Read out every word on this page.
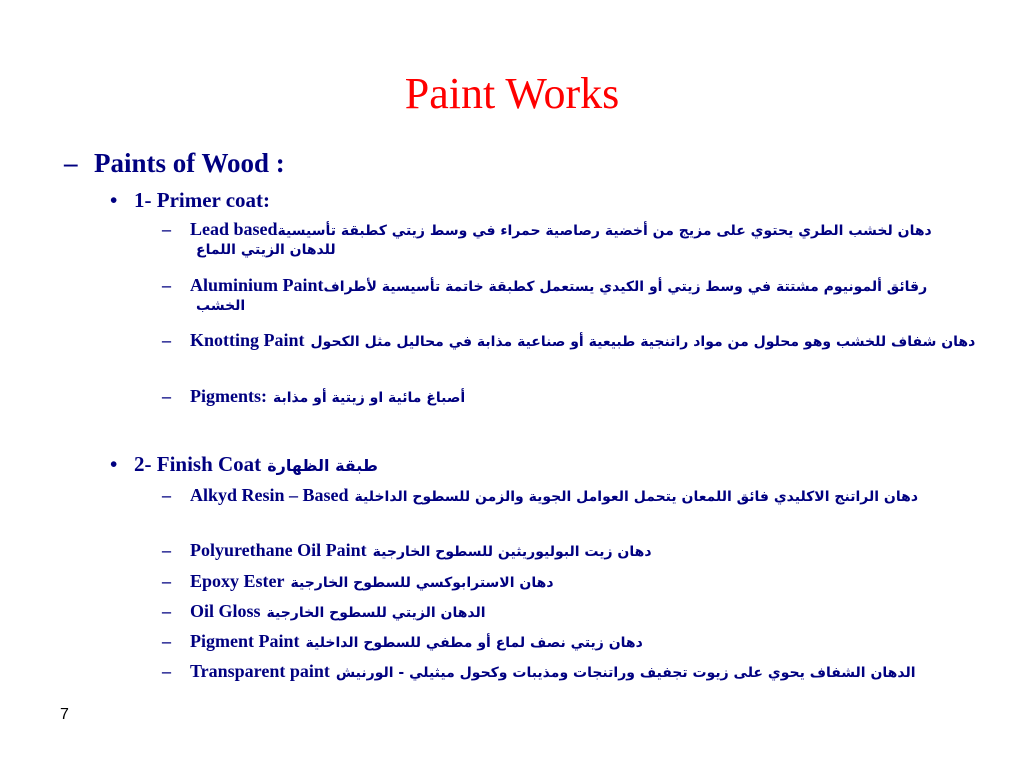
Paint Works
– Paints of Wood :
• 1- Primer coat:
– Lead basedدهان لخشب الطري يحتوي على مزيج من أخضية رصاصية حمراء في وسط زيتي كطبقة تأسيسية للدهان الزيتي اللماع
– Aluminium Paintرقائق ألمونيوم مشتتة في وسط زيتي أو الكيدي يستعمل كطبقة خاتمة تأسيسية لأطراف الخشب
– Knotting Paint دهان شفاف للخشب وهو محلول من مواد راتنجية طبيعية أو صناعية مذابة في محاليل مثل الكحول
– Pigments: أصباغ مائية او زيتية أو مذابة
• 2- Finish Coat طبقة الظهارة
– Alkyd Resin – Based دهان الراتنج الاكليدي فائق اللمعان يتحمل العوامل الجوية والزمن للسطوح الداخلية
– Polyurethane Oil Paint دهان زيت البوليوريثين للسطوح الخارجية
– Epoxy Ester دهان الاسترابوكسي للسطوح الخارجية
– Oil Gloss الدهان الزيتي للسطوح الخارجية
– Pigment Paint دهان زيتي نصف لماع أو مطفي للسطوح الداخلية
– Transparent paint الدهان الشفاف يحوي على زيوت تجفيف وراتنجات ومذيبات وكحول ميثيلي - الورنيش
7
